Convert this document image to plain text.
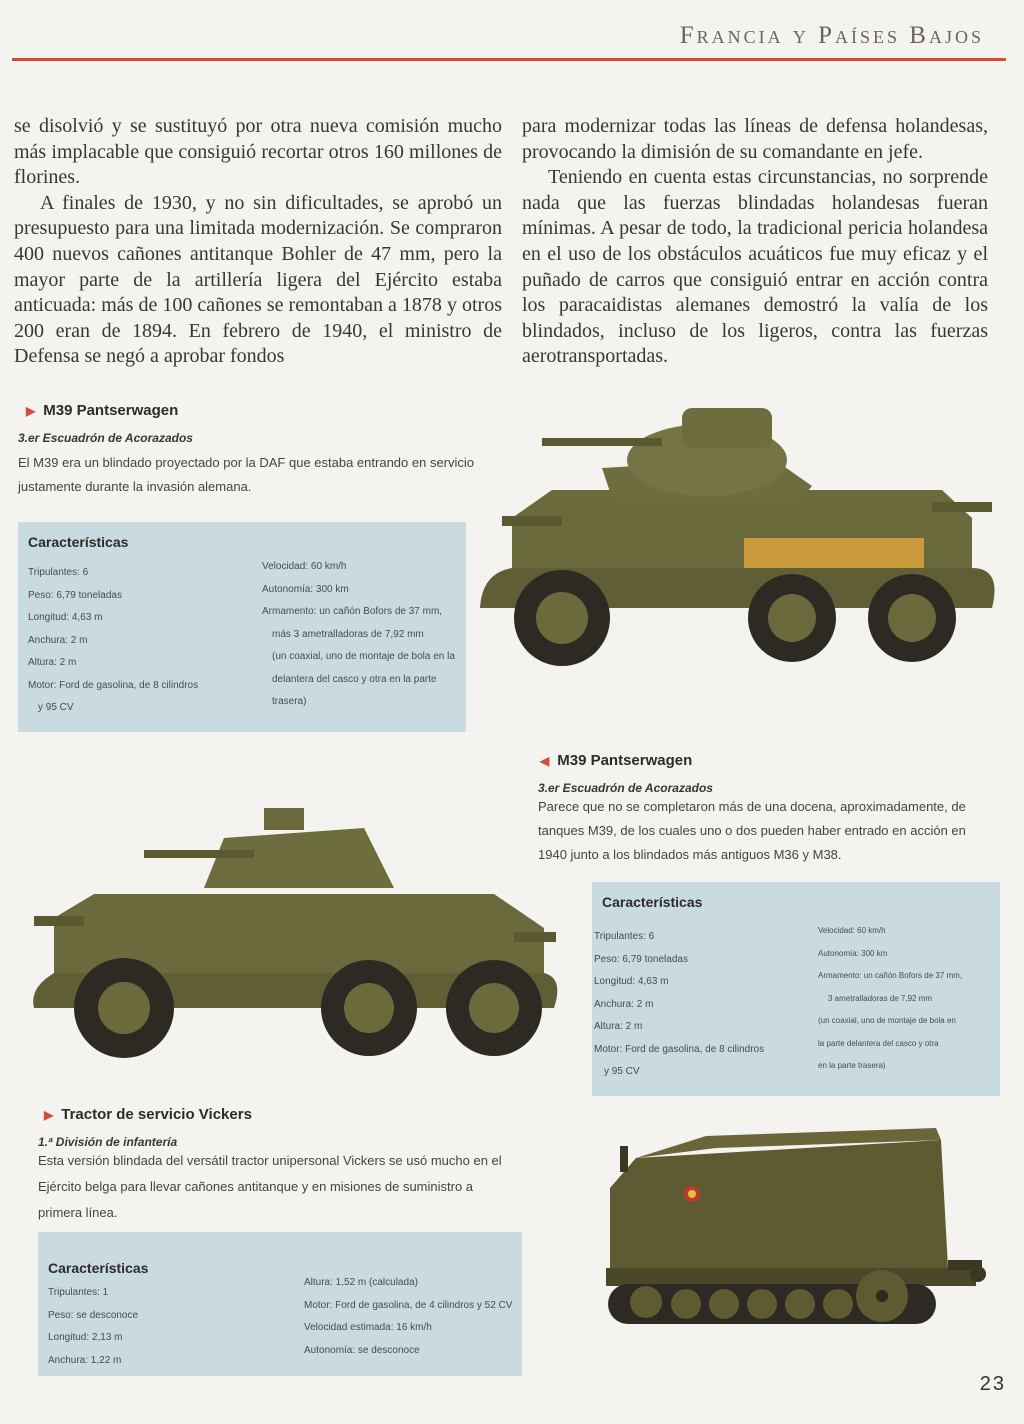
Francia y Países Bajos

se disolvió y se sustituyó por otra nueva comisión mucho más implacable que consiguió recortar otros 160 millones de florines.

A finales de 1930, y no sin dificultades, se aprobó un presupuesto para una limitada modernización. Se compraron 400 nuevos cañones antitanque Bohler de 47 mm, pero la mayor parte de la artillería ligera del Ejército estaba anticuada: más de 100 cañones se remontaban a 1878 y otros 200 eran de 1894. En febrero de 1940, el ministro de Defensa se negó a aprobar fondos

para modernizar todas las líneas de defensa holandesas, provocando la dimisión de su comandante en jefe.

Teniendo en cuenta estas circunstancias, no sorprende nada que las fuerzas blindadas holandesas fueran mínimas. A pesar de todo, la tradicional pericia holandesa en el uso de los obstáculos acuáticos fue muy eficaz y el puñado de carros que consiguió entrar en acción contra los paracaidistas alemanes demostró la valía de los blindados, incluso de los ligeros, contra las fuerzas aerotransportadas.

▶ M39 Pantserwagen
3.er Escuadrón de Acorazados
El M39 era un blindado proyectado por la DAF que estaba entrando en servicio justamente durante la invasión alemana.
Características
Tripulantes: 6
Peso: 6,79 toneladas
Longitud: 4,63 m
Anchura: 2 m
Altura: 2 m
Motor: Ford de gasolina, de 8 cilindros
y 95 CV
Velocidad: 60 km/h
Autonomía: 300 km
Armamento: un cañón Bofors de 37 mm,
más 3 ametralladoras de 7,92 mm
(un coaxial, uno de montaje de bola en la
delantera del casco y otra en la parte
trasera)
◀ M39 Pantserwagen
3.er Escuadrón de Acorazados
Parece que no se completaron más de una docena, aproximadamente, de tanques M39, de los cuales uno o dos pueden haber entrado en acción en 1940 junto a los blindados más antiguos M36 y M38.
Características
Tripulantes: 6
Peso: 6,79 toneladas
Longitud: 4,63 m
Anchura: 2 m
Altura: 2 m
Motor: Ford de gasolina, de 8 cilindros
y 95 CV
Velocidad: 60 km/h
Autonomía: 300 km
Armamento: un cañón Bofors de 37 mm,
3 ametralladoras de 7,92 mm
(un coaxial, uno de montaje de bola en
la parte delantera del casco y otra
en la parte trasera)
▶ Tractor de servicio Vickers
1.ª División de infantería
Esta versión blindada del versátil tractor unipersonal Vickers se usó mucho en el Ejército belga para llevar cañones antitanque y en misiones de suministro a primera línea.
Características
Tripulantes: 1
Peso: se desconoce
Longitud: 2,13 m
Anchura: 1,22 m
Altura: 1,52 m (calculada)
Motor: Ford de gasolina, de 4 cilindros y 52 CV
Velocidad estimada: 16 km/h
Autonomía: se desconoce
23
